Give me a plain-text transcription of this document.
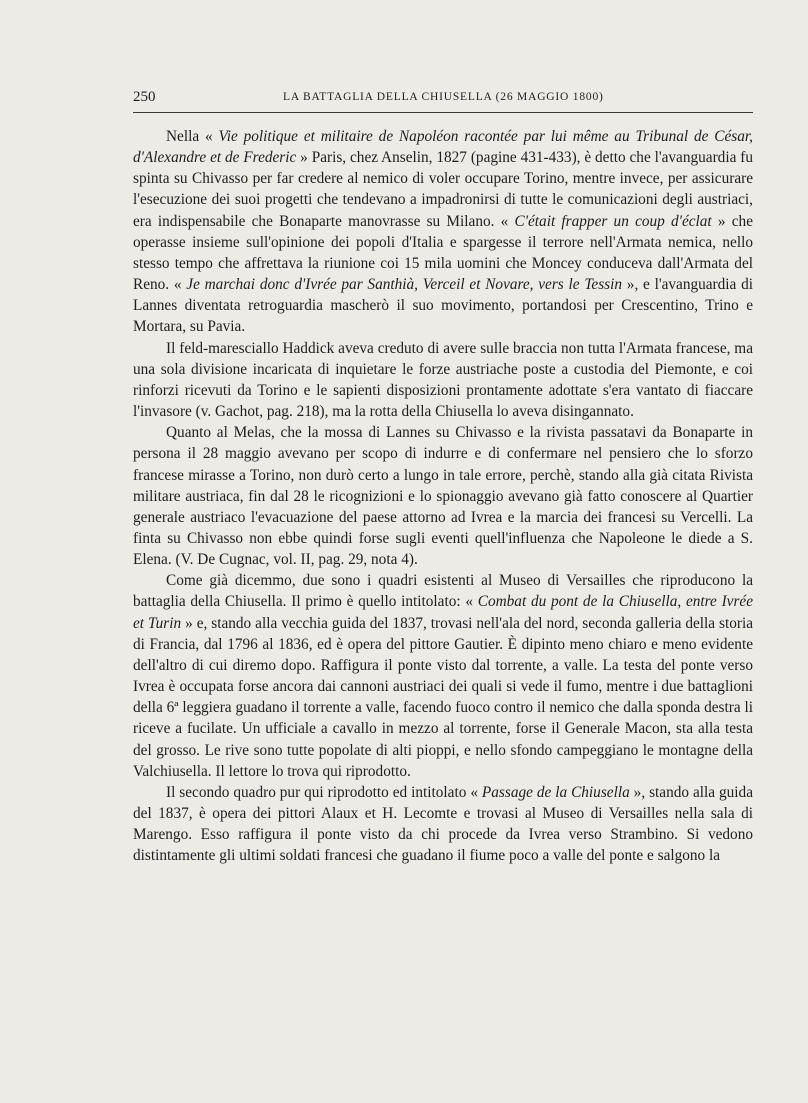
250	LA BATTAGLIA DELLA CHIUSELLA (26 MAGGIO 1800)

Nella « Vie politique et militaire de Napoléon racontée par lui même au Tribunal de César, d'Alexandre et de Frederic » Paris, chez Anselin, 1827 (pagine 431-433), è detto che l'avanguardia fu spinta su Chivasso per far credere al nemico di voler occupare Torino, mentre invece, per assicurare l'esecuzione dei suoi progetti che tendevano a impadronirsi di tutte le comunicazioni degli austriaci, era indispensabile che Bonaparte manovrasse su Milano. « C'était frapper un coup d'éclat » che operasse insieme sull'opinione dei popoli d'Italia e spargesse il terrore nell'Armata nemica, nello stesso tempo che affrettava la riunione coi 15 mila uomini che Moncey conduceva dall'Armata del Reno. « Je marchai donc d'Ivrée par Santhià, Verceil et Novare, vers le Tessin », e l'avanguardia di Lannes diventata retroguardia mascherò il suo movimento, portandosi per Crescentino, Trino e Mortara, su Pavia.

Il feld-maresciallo Haddick aveva creduto di avere sulle braccia non tutta l'Armata francese, ma una sola divisione incaricata di inquietare le forze austriache poste a custodia del Piemonte, e coi rinforzi ricevuti da Torino e le sapienti disposizioni prontamente adottate s'era vantato di fiaccare l'invasore (v. Gachot, pag. 218), ma la rotta della Chiusella lo aveva disingannato.

Quanto al Melas, che la mossa di Lannes su Chivasso e la rivista passatavi da Bonaparte in persona il 28 maggio avevano per scopo di indurre e di confermare nel pensiero che lo sforzo francese mirasse a Torino, non durò certo a lungo in tale errore, perchè, stando alla già citata Rivista militare austriaca, fin dal 28 le ricognizioni e lo spionaggio avevano già fatto conoscere al Quartier generale austriaco l'evacuazione del paese attorno ad Ivrea e la marcia dei francesi su Vercelli. La finta su Chivasso non ebbe quindi forse sugli eventi quell'influenza che Napoleone le diede a S. Elena. (V. De Cugnac, vol. II, pag. 29, nota 4).

Come già dicemmo, due sono i quadri esistenti al Museo di Versailles che riproducono la battaglia della Chiusella. Il primo è quello intitolato: « Combat du pont de la Chiusella, entre Ivrée et Turin » e, stando alla vecchia guida del 1837, trovasi nell'ala del nord, seconda galleria della storia di Francia, dal 1796 al 1836, ed è opera del pittore Gautier. È dipinto meno chiaro e meno evidente dell'altro di cui diremo dopo. Raffigura il ponte visto dal torrente, a valle. La testa del ponte verso Ivrea è occupata forse ancora dai cannoni austriaci dei quali si vede il fumo, mentre i due battaglioni della 6ª leggiera guadano il torrente a valle, facendo fuoco contro il nemico che dalla sponda destra li riceve a fucilate. Un ufficiale a cavallo in mezzo al torrente, forse il Generale Macon, sta alla testa del grosso. Le rive sono tutte popolate di alti pioppi, e nello sfondo campeggiano le montagne della Valchiusella. Il lettore lo trova qui riprodotto.

Il secondo quadro pur qui riprodotto ed intitolato « Passage de la Chiusella », stando alla guida del 1837, è opera dei pittori Alaux et H. Lecomte e trovasi al Museo di Versailles nella sala di Marengo. Esso raffigura il ponte visto da chi procede da Ivrea verso Strambino. Si vedono distintamente gli ultimi soldati francesi che guadano il fiume poco a valle del ponte e salgono la
